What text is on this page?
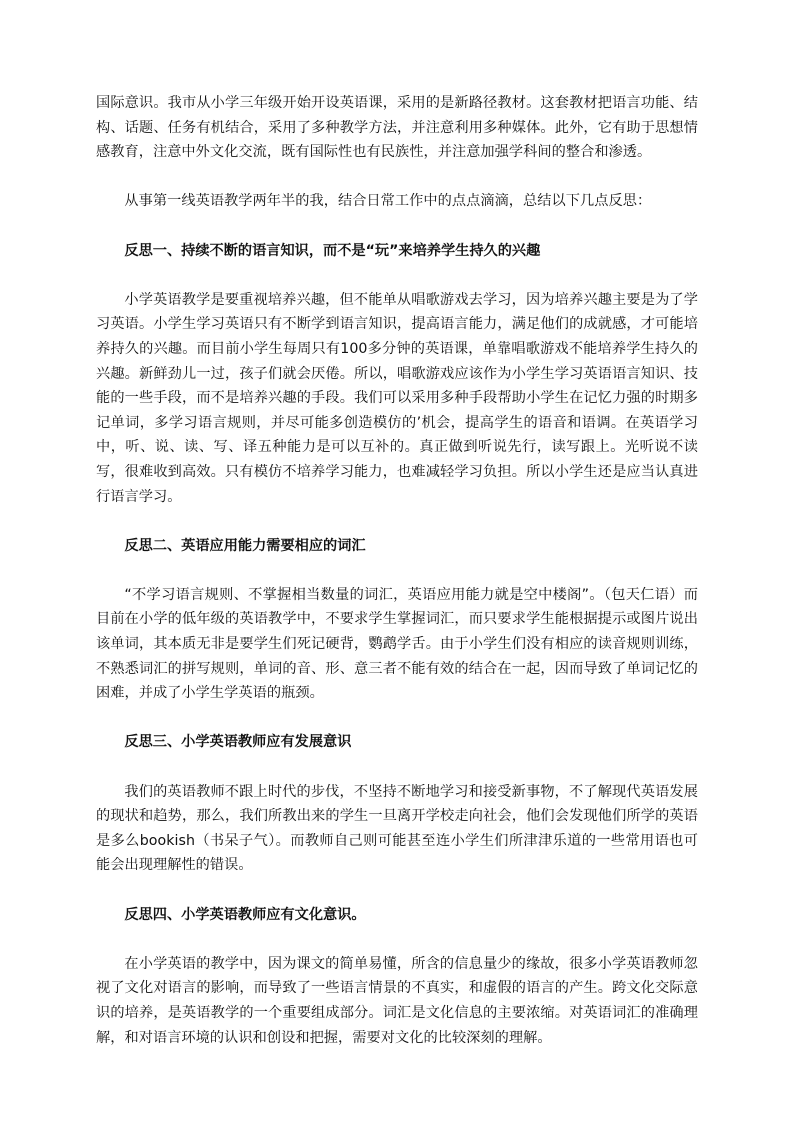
国际意识。我市从小学三年级开始开设英语课，采用的是新路径教材。这套教材把语言功能、结构、话题、任务有机结合，采用了多种教学方法，并注意利用多种媒体。此外，它有助于思想情感教育，注意中外文化交流，既有国际性也有民族性，并注意加强学科间的整合和渗透。

从事第一线英语教学两年半的我，结合日常工作中的点点滴滴，总结以下几点反思：

反思一、持续不断的语言知识，而不是“玩”来培养学生持久的兴趣

小学英语教学是要重视培养兴趣，但不能单从唱歌游戏去学习，因为培养兴趣主要是为了学习英语。小学生学习英语只有不断学到语言知识，提高语言能力，满足他们的成就感，才可能培养持久的兴趣。而目前小学生每周只有100多分钟的英语课，单靠唱歌游戏不能培养学生持久的兴趣。新鲜劲儿一过，孩子们就会厌倦。所以，唱歌游戏应该作为小学生学习英语语言知识、技能的一些手段，而不是培养兴趣的手段。我们可以采用多种手段帮助小学生在记忆力强的时期多记单词，多学习语言规则，并尽可能多创造模仿的’机会，提高学生的语音和语调。在英语学习中，听、说、读、写、译五种能力是可以互补的。真正做到听说先行，读写跟上。光听说不读写，很难收到高效。只有模仿不培养学习能力，也难减轻学习负担。所以小学生还是应当认真进行语言学习。

反思二、英语应用能力需要相应的词汇

“不学习语言规则、不掌握相当数量的词汇，英语应用能力就是空中楼阁”。（包天仁语）而目前在小学的低年级的英语教学中，不要求学生掌握词汇，而只要求学生能根据提示或图片说出该单词，其本质无非是要学生们死记硬背，鹦鹉学舌。由于小学生们没有相应的读音规则训练，不熟悉词汇的拼写规则，单词的音、形、意三者不能有效的结合在一起，因而导致了单词记忆的困难，并成了小学生学英语的瓶颈。

反思三、小学英语教师应有发展意识

我们的英语教师不跟上时代的步伐，不坚持不断地学习和接受新事物，不了解现代英语发展的现状和趋势，那么，我们所教出来的学生一旦离开学校走向社会，他们会发现他们所学的英语是多么bookish（书呆子气）。而教师自己则可能甚至连小学生们所津津乐道的一些常用语也可能会出现理解性的错误。

反思四、小学英语教师应有文化意识。

在小学英语的教学中，因为课文的简单易懂，所含的信息量少的缘故，很多小学英语教师忽视了文化对语言的影响，而导致了一些语言情景的不真实，和虚假的语言的产生。跨文化交际意识的培养，是英语教学的一个重要组成部分。词汇是文化信息的主要浓缩。对英语词汇的准确理解，和对语言环境的认识和创设和把握，需要对文化的比较深刻的理解。
